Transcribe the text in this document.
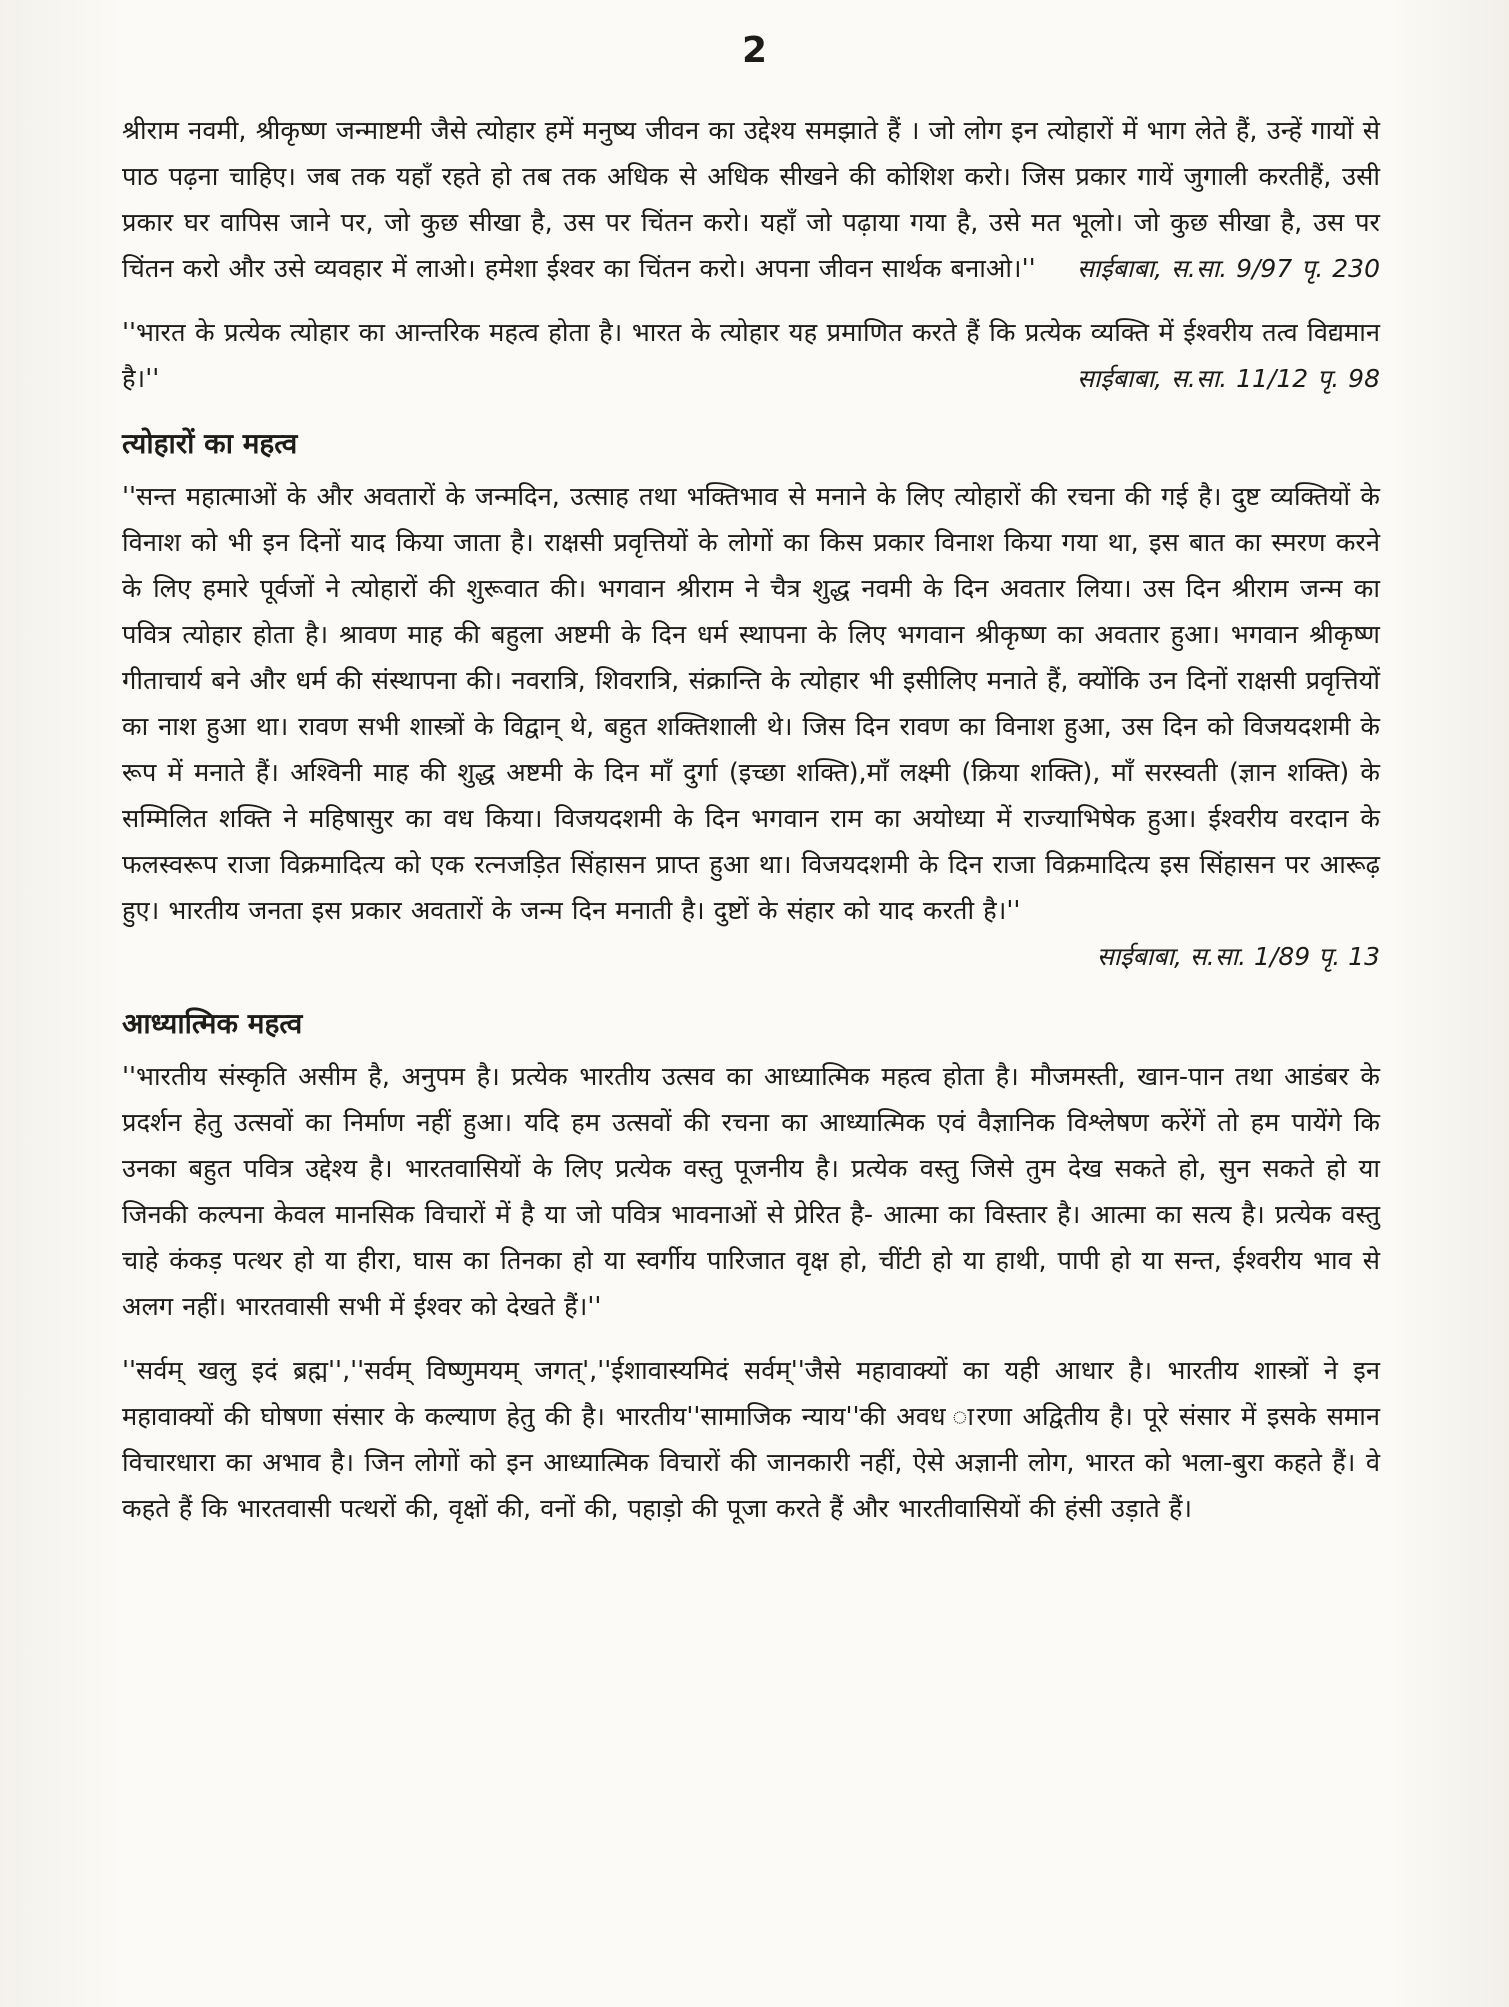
2

श्रीराम नवमी, श्रीकृष्ण जन्माष्टमी जैसे त्योहार हमें मनुष्य जीवन का उद्देश्य समझाते हैं । जो लोग इन त्योहारों में भाग लेते हैं, उन्हें गायों से पाठ पढ़ना चाहिए। जब तक यहाँ रहते हो तब तक अधिक से अधिक सीखने की कोशिश करो। जिस प्रकार गायें जुगाली करतीहैं, उसी प्रकार घर वापिस जाने पर, जो कुछ सीखा है, उस पर चिंतन करो। यहाँ जो पढ़ाया गया है, उसे मत भूलो। जो कुछ सीखा है, उस पर चिंतन करो और उसे व्यवहार में लाओ। हमेशा ईश्वर का चिंतन करो। अपना जीवन सार्थक बनाओ।''	साईबाबा, स.सा. 9/97 पृ. 230

''भारत के प्रत्येक त्योहार का आन्तरिक महत्व होता है। भारत के त्योहार यह प्रमाणित करते हैं कि प्रत्येक व्यक्ति में ईश्वरीय तत्व विद्यमान है।''	साईबाबा, स.सा. 11/12 पृ. 98

त्योहारों का महत्व

''सन्त महात्माओं के और अवतारों के जन्मदिन, उत्साह तथा भक्तिभाव से मनाने के लिए त्योहारों की रचना की गई है। दुष्ट व्यक्तियों के विनाश को भी इन दिनों याद किया जाता है। राक्षसी प्रवृत्तियों के लोगों का किस प्रकार विनाश किया गया था, इस बात का स्मरण करने के लिए हमारे पूर्वजों ने त्योहारों की शुरूवात की। भगवान श्रीराम ने चैत्र शुद्ध नवमी के दिन अवतार लिया। उस दिन श्रीराम जन्म का पवित्र त्योहार होता है। श्रावण माह की बहुला अष्टमी के दिन धर्म स्थापना के लिए भगवान श्रीकृष्ण का अवतार हुआ। भगवान श्रीकृष्ण गीताचार्य बने और धर्म की संस्थापना की। नवरात्रि, शिवरात्रि, संक्रान्ति के त्योहार भी इसीलिए मनाते हैं, क्योंकि उन दिनों राक्षसी प्रवृत्तियों का नाश हुआ था। रावण सभी शास्त्रों के विद्वान् थे, बहुत शक्तिशाली थे। जिस दिन रावण का विनाश हुआ, उस दिन को विजयदशमी के रूप में मनाते हैं। अश्विनी माह की शुद्ध अष्टमी के दिन माँ दुर्गा (इच्छा शक्ति),माँ लक्ष्मी (क्रिया शक्ति), माँ सरस्वती (ज्ञान शक्ति) के सम्मिलित शक्ति ने महिषासुर का वध किया। विजयदशमी के दिन भगवान राम का अयोध्या में राज्याभिषेक हुआ। ईश्वरीय वरदान के फलस्वरूप राजा विक्रमादित्य को एक रत्नजड़ित सिंहासन प्राप्त हुआ था। विजयदशमी के दिन राजा विक्रमादित्य इस सिंहासन पर आरूढ़ हुए। भारतीय जनता इस प्रकार अवतारों के जन्म दिन मनाती है। दुष्टों के संहार को याद करती है।''

साईबाबा, स.सा. 1/89 पृ. 13

आध्यात्मिक महत्व

''भारतीय संस्कृति असीम है, अनुपम है। प्रत्येक भारतीय उत्सव का आध्यात्मिक महत्व होता है। मौजमस्ती, खान-पान तथा आडंबर के प्रदर्शन हेतु उत्सवों का निर्माण नहीं हुआ। यदि हम उत्सवों की रचना का आध्यात्मिक एवं वैज्ञानिक विश्लेषण करेंगें तो हम पायेंगे कि उनका बहुत पवित्र उद्देश्य है। भारतवासियों के लिए प्रत्येक वस्तु पूजनीय है। प्रत्येक वस्तु जिसे तुम देख सकते हो, सुन सकते हो या जिनकी कल्पना केवल मानसिक विचारों में है या जो पवित्र भावनाओं से प्रेरित है- आत्मा का विस्तार है। आत्मा का सत्य है। प्रत्येक वस्तु चाहे कंकड़ पत्थर हो या हीरा, घास का तिनका हो या स्वर्गीय पारिजात वृक्ष हो, चींटी हो या हाथी, पापी हो या सन्त, ईश्वरीय भाव से अलग नहीं। भारतवासी सभी में ईश्वर को देखते हैं।''

''सर्वम् खलु इदं ब्रह्म'',''सर्वम् विष्णुमयम् जगत्',''ईशावास्यमिदं सर्वम्''जैसे महावाक्यों का यही आधार है। भारतीय शास्त्रों ने इन महावाक्यों की घोषणा संसार के कल्याण हेतु की है। भारतीय''सामाजिक न्याय''की अवध ारणा अद्वितीय है। पूरे संसार में इसके समान विचारधारा का अभाव है। जिन लोगों को इन आध्यात्मिक विचारों की जानकारी नहीं, ऐसे अज्ञानी लोग, भारत को भला-बुरा कहते हैं। वे कहते हैं कि भारतवासी पत्थरों की, वृक्षों की, वनों की, पहाड़ो की पूजा करते हैं और भारतीवासियों की हंसी उड़ाते हैं।
